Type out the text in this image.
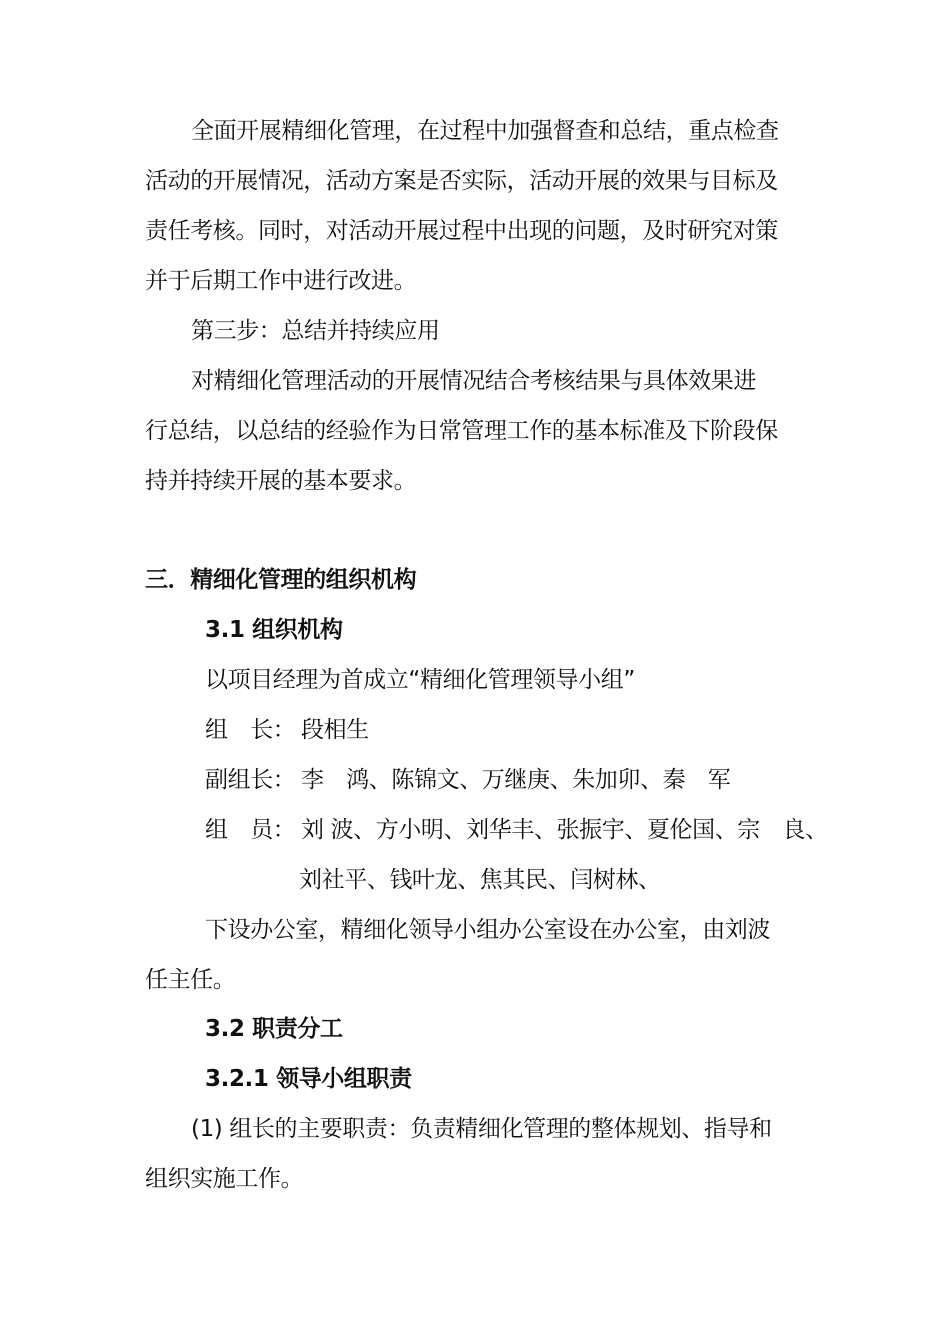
全面开展精细化管理，在过程中加强督查和总结，重点检查
活动的开展情况，活动方案是否实际，活动开展的效果与目标及
责任考核。同时，对活动开展过程中出现的问题，及时研究对策
并于后期工作中进行改进。
第三步：总结并持续应用
对精细化管理活动的开展情况结合考核结果与具体效果进
行总结，以总结的经验作为日常管理工作的基本标准及下阶段保
持并持续开展的基本要求。
三．精细化管理的组织机构
3.1 组织机构
以项目经理为首成立“精细化管理领导小组”
组　长： 段相生
副组长： 李　鸿、陈锦文、万继庚、朱加卯、秦　军
组　员： 刘 波、方小明、刘华丰、张振宇、夏伦国、宗　良、
刘社平、钱叶龙、焦其民、闫树林、
下设办公室，精细化领导小组办公室设在办公室，由刘波
任主任。
3.2 职责分工
3.2.1 领导小组职责
(1) 组长的主要职责：负责精细化管理的整体规划、指导和
组织实施工作。
